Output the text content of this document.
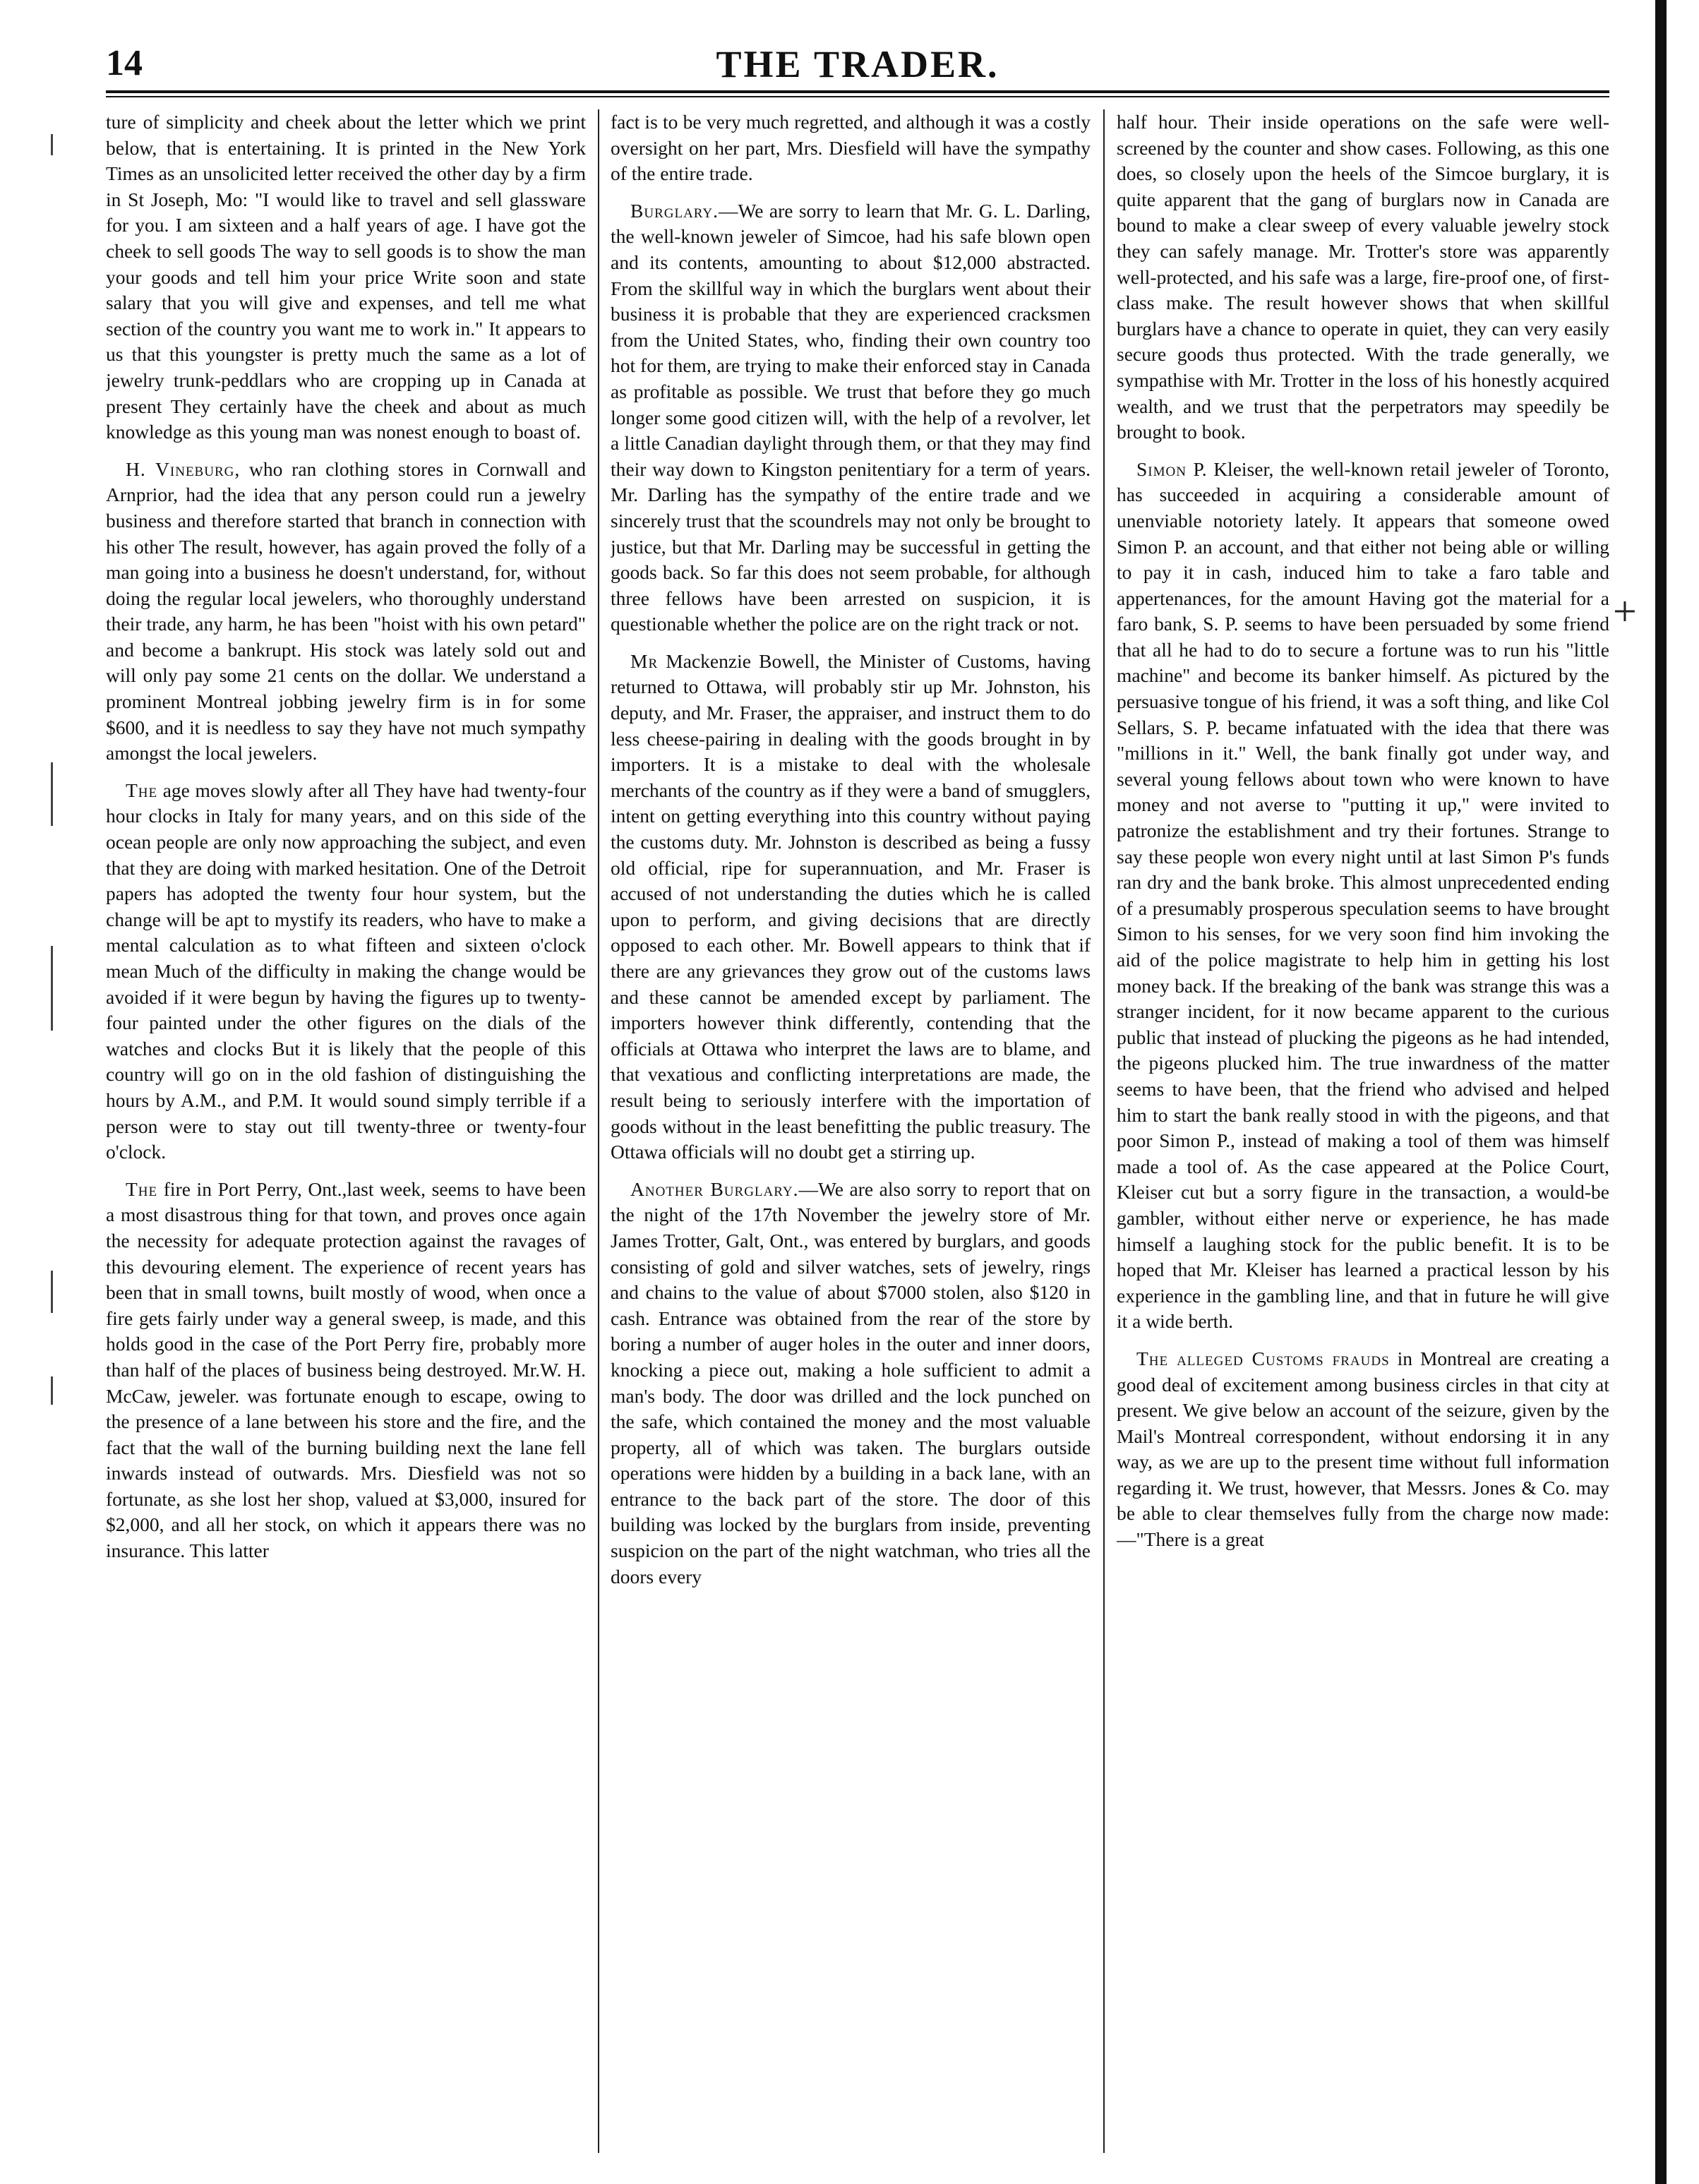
14	THE TRADER.

ture of simplicity and cheek about the letter which we print below, that is entertaining. It is printed in the New York Times as an unsolicited letter received the other day by a firm in St Joseph, Mo: "I would like to travel and sell glassware for you. I am sixteen and a half years of age. I have got the cheek to sell goods The way to sell goods is to show the man your goods and tell him your price Write soon and state salary that you will give and expenses, and tell me what section of the country you want me to work in." It appears to us that this youngster is pretty much the same as a lot of jewelry trunk-peddlars who are cropping up in Canada at present They certainly have the cheek and about as much knowledge as this young man was nonest enough to boast of.

H. Vineburg, who ran clothing stores in Cornwall and Arnprior, had the idea that any person could run a jewelry business and therefore started that branch in connection with his other The result, however, has again proved the folly of a man going into a business he doesn't understand, for, without doing the regular local jewelers, who thoroughly understand their trade, any harm, he has been "hoist with his own petard" and become a bankrupt. His stock was lately sold out and will only pay some 21 cents on the dollar. We understand a prominent Montreal jobbing jewelry firm is in for some $600, and it is needless to say they have not much sympathy amongst the local jewelers.

The age moves slowly after all They have had twenty-four hour clocks in Italy for many years, and on this side of the ocean people are only now approaching the subject, and even that they are doing with marked hesitation. One of the Detroit papers has adopted the twenty four hour system, but the change will be apt to mystify its readers, who have to make a mental calculation as to what fifteen and sixteen o'clock mean Much of the difficulty in making the change would be avoided if it were begun by having the figures up to twenty-four painted under the other figures on the dials of the watches and clocks But it is likely that the people of this country will go on in the old fashion of distinguishing the hours by A.M., and P.M. It would sound simply terrible if a person were to stay out till twenty-three or twenty-four o'clock.

The fire in Port Perry, Ont.,last week, seems to have been a most disastrous thing for that town, and proves once again the necessity for adequate protection against the ravages of this devouring element. The experience of recent years has been that in small towns, built mostly of wood, when once a fire gets fairly under way a general sweep, is made, and this holds good in the case of the Port Perry fire, probably more than half of the places of business being destroyed. Mr.W. H. McCaw, jeweler. was fortunate enough to escape, owing to the presence of a lane between his store and the fire, and the fact that the wall of the burning building next the lane fell inwards instead of outwards. Mrs. Diesfield was not so fortunate, as she lost her shop, valued at $3,000, insured for $2,000, and all her stock, on which it appears there was no insurance. This latter

fact is to be very much regretted, and although it was a costly oversight on her part, Mrs. Diesfield will have the sympathy of the entire trade.

Burglary.—We are sorry to learn that Mr. G. L. Darling, the well-known jeweler of Simcoe, had his safe blown open and its contents, amounting to about $12,000 abstracted. From the skillful way in which the burglars went about their business it is probable that they are experienced cracksmen from the United States, who, finding their own country too hot for them, are trying to make their enforced stay in Canada as profitable as possible. We trust that before they go much longer some good citizen will, with the help of a revolver, let a little Canadian daylight through them, or that they may find their way down to Kingston penitentiary for a term of years. Mr. Darling has the sympathy of the entire trade and we sincerely trust that the scoundrels may not only be brought to justice, but that Mr. Darling may be successful in getting the goods back. So far this does not seem probable, for although three fellows have been arrested on suspicion, it is questionable whether the police are on the right track or not.

Mr Mackenzie Bowell, the Minister of Customs, having returned to Ottawa, will probably stir up Mr. Johnston, his deputy, and Mr. Fraser, the appraiser, and instruct them to do less cheese-pairing in dealing with the goods brought in by importers. It is a mistake to deal with the wholesale merchants of the country as if they were a band of smugglers, intent on getting everything into this country without paying the customs duty. Mr. Johnston is described as being a fussy old official, ripe for superannuation, and Mr. Fraser is accused of not understanding the duties which he is called upon to perform, and giving decisions that are directly opposed to each other. Mr. Bowell appears to think that if there are any grievances they grow out of the customs laws and these cannot be amended except by parliament. The importers however think differently, contending that the officials at Ottawa who interpret the laws are to blame, and that vexatious and conflicting interpretations are made, the result being to seriously interfere with the importation of goods without in the least benefitting the public treasury. The Ottawa officials will no doubt get a stirring up.

Another Burglary.—We are also sorry to report that on the night of the 17th November the jewelry store of Mr. James Trotter, Galt, Ont., was entered by burglars, and goods consisting of gold and silver watches, sets of jewelry, rings and chains to the value of about $7000 stolen, also $120 in cash. Entrance was obtained from the rear of the store by boring a number of auger holes in the outer and inner doors, knocking a piece out, making a hole sufficient to admit a man's body. The door was drilled and the lock punched on the safe, which contained the money and the most valuable property, all of which was taken. The burglars outside operations were hidden by a building in a back lane, with an entrance to the back part of the store. The door of this building was locked by the burglars from inside, preventing suspicion on the part of the night watchman, who tries all the doors every

half hour. Their inside operations on the safe were well-screened by the counter and show cases. Following, as this one does, so closely upon the heels of the Simcoe burglary, it is quite apparent that the gang of burglars now in Canada are bound to make a clear sweep of every valuable jewelry stock they can safely manage. Mr. Trotter's store was apparently well-protected, and his safe was a large, fire-proof one, of first-class make. The result however shows that when skillful burglars have a chance to operate in quiet, they can very easily secure goods thus protected. With the trade generally, we sympathise with Mr. Trotter in the loss of his honestly acquired wealth, and we trust that the perpetrators may speedily be brought to book.

Simon P. Kleiser, the well-known retail jeweler of Toronto, has succeeded in acquiring a considerable amount of unenviable notoriety lately. It appears that someone owed Simon P. an account, and that either not being able or willing to pay it in cash, induced him to take a faro table and appertenances, for the amount Having got the material for a faro bank, S. P. seems to have been persuaded by some friend that all he had to do to secure a fortune was to run his "little machine" and become its banker himself. As pictured by the persuasive tongue of his friend, it was a soft thing, and like Col Sellars, S. P. became infatuated with the idea that there was "millions in it." Well, the bank finally got under way, and several young fellows about town who were known to have money and not averse to "putting it up," were invited to patronize the establishment and try their fortunes. Strange to say these people won every night until at last Simon P's funds ran dry and the bank broke. This almost unprecedented ending of a presumably prosperous speculation seems to have brought Simon to his senses, for we very soon find him invoking the aid of the police magistrate to help him in getting his lost money back. If the breaking of the bank was strange this was a stranger incident, for it now became apparent to the curious public that instead of plucking the pigeons as he had intended, the pigeons plucked him. The true inwardness of the matter seems to have been, that the friend who advised and helped him to start the bank really stood in with the pigeons, and that poor Simon P., instead of making a tool of them was himself made a tool of. As the case appeared at the Police Court, Kleiser cut but a sorry figure in the transaction, a would-be gambler, without either nerve or experience, he has made himself a laughing stock for the public benefit. It is to be hoped that Mr. Kleiser has learned a practical lesson by his experience in the gambling line, and that in future he will give it a wide berth.

The alleged Customs frauds in Montreal are creating a good deal of excitement among business circles in that city at present. We give below an account of the seizure, given by the Mail's Montreal correspondent, without endorsing it in any way, as we are up to the present time without full information regarding it. We trust, however, that Messrs. Jones & Co. may be able to clear themselves fully from the charge now made:—"There is a great

+
